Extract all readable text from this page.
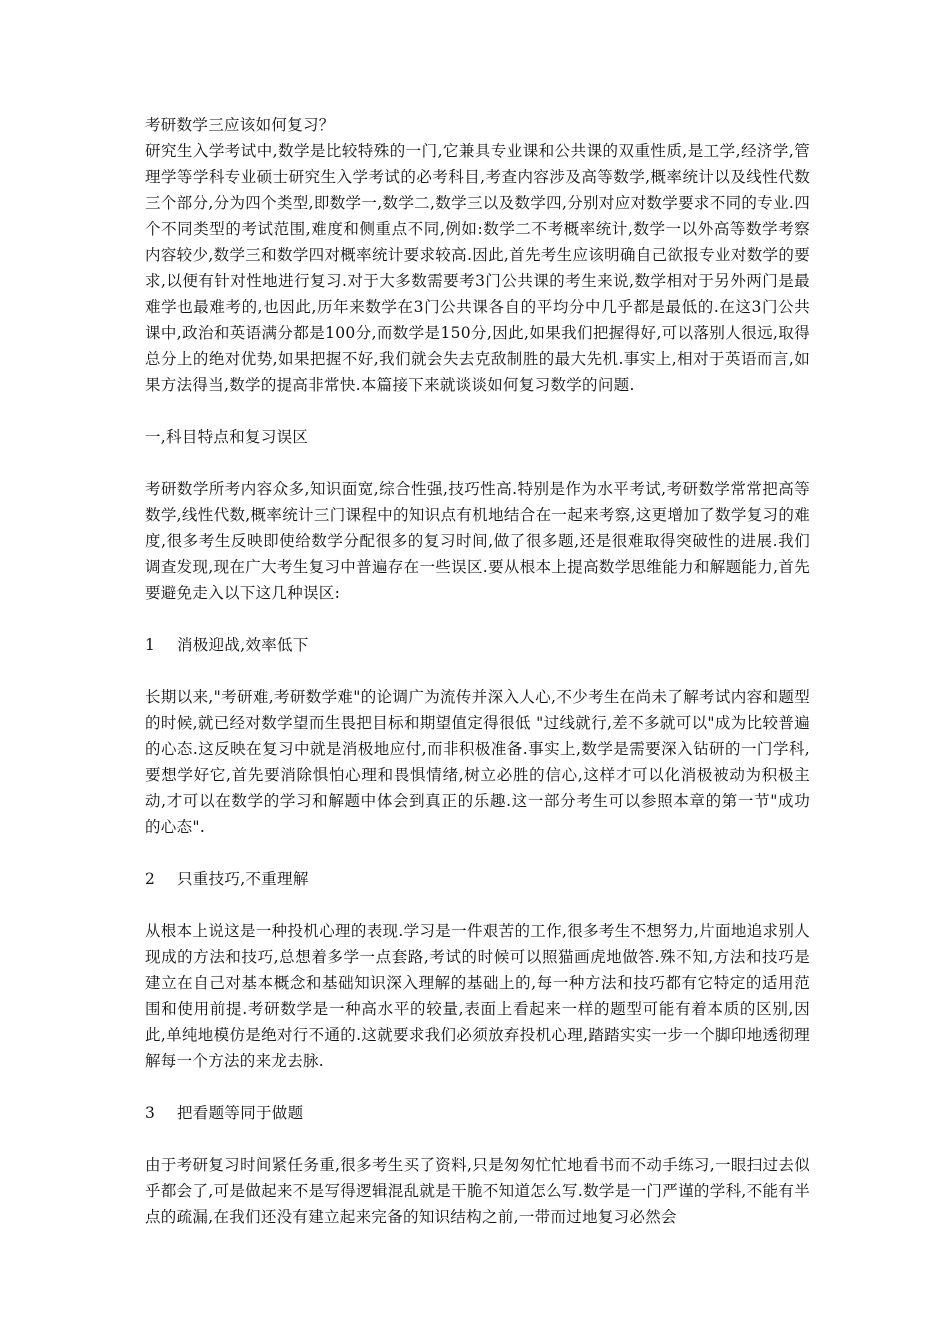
考研数学三应该如何复习？

研究生入学考试中,数学是比较特殊的一门,它兼具专业课和公共课的双重性质,是工学,经济学,管理学等学科专业硕士研究生入学考试的必考科目,考查内容涉及高等数学,概率统计以及线性代数三个部分,分为四个类型,即数学一,数学二,数学三以及数学四,分别对应对数学要求不同的专业.四个不同类型的考试范围,难度和侧重点不同,例如:数学二不考概率统计,数学一以外高等数学考察内容较少,数学三和数学四对概率统计要求较高.因此,首先考生应该明确自己欲报专业对数学的要求,以便有针对性地进行复习.对于大多数需要考3门公共课的考生来说,数学相对于另外两门是最难学也最难考的,也因此,历年来数学在3门公共课各自的平均分中几乎都是最低的.在这3门公共课中,政治和英语满分都是100分,而数学是150分,因此,如果我们把握得好,可以落别人很远,取得总分上的绝对优势,如果把握不好,我们就会失去克敌制胜的最大先机.事实上,相对于英语而言,如果方法得当,数学的提高非常快.本篇接下来就谈谈如何复习数学的问题.

一,科目特点和复习误区

考研数学所考内容众多,知识面宽,综合性强,技巧性高.特别是作为水平考试,考研数学常常把高等数学,线性代数,概率统计三门课程中的知识点有机地结合在一起来考察,这更增加了数学复习的难度,很多考生反映即使给数学分配很多的复习时间,做了很多题,还是很难取得突破性的进展.我们调查发现,现在广大考生复习中普遍存在一些误区.要从根本上提高数学思维能力和解题能力,首先要避免走入以下这几种误区:

1 消极迎战,效率低下

长期以来,"考研难,考研数学难"的论调广为流传并深入人心,不少考生在尚未了解考试内容和题型的时候,就已经对数学望而生畏把目标和期望值定得很低 "过线就行,差不多就可以"成为比较普遍的心态.这反映在复习中就是消极地应付,而非积极准备.事实上,数学是需要深入钻研的一门学科,要想学好它,首先要消除惧怕心理和畏惧情绪,树立必胜的信心,这样才可以化消极被动为积极主动,才可以在数学的学习和解题中体会到真正的乐趣.这一部分考生可以参照本章的第一节"成功的心态".

2 只重技巧,不重理解

从根本上说这是一种投机心理的表现.学习是一件艰苦的工作,很多考生不想努力,片面地追求别人现成的方法和技巧,总想着多学一点套路,考试的时候可以照猫画虎地做答.殊不知,方法和技巧是建立在自己对基本概念和基础知识深入理解的基础上的,每一种方法和技巧都有它特定的适用范围和使用前提.考研数学是一种高水平的较量,表面上看起来一样的题型可能有着本质的区别,因此,单纯地模仿是绝对行不通的.这就要求我们必须放弃投机心理,踏踏实实一步一个脚印地透彻理解每一个方法的来龙去脉.

3 把看题等同于做题

由于考研复习时间紧任务重,很多考生买了资料,只是匆匆忙忙地看书而不动手练习,一眼扫过去似乎都会了,可是做起来不是写得逻辑混乱就是干脆不知道怎么写.数学是一门严谨的学科,不能有半点的疏漏,在我们还没有建立起来完备的知识结构之前,一带而过地复习必然会
